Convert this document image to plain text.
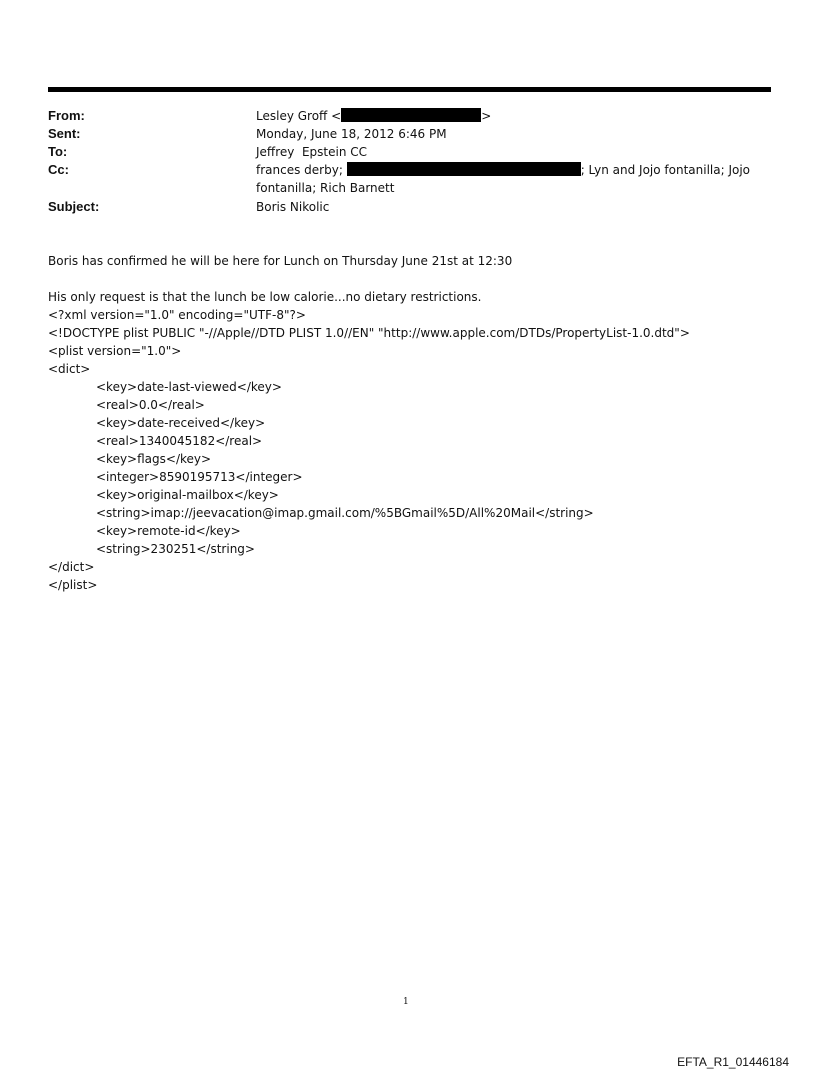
From:	Lesley Groff <	>
Sent:	Monday, June 18, 2012 6:46 PM
To:	Jeffrey  Epstein CC
Cc:	frances derby;	; Lyn and Jojo fontanilla; Jojo
fontanilla; Rich Barnett
Subject:	Boris Nikolic
Boris has confirmed he will be here for Lunch on Thursday June 21st at 12:30
His only request is that the lunch be low calorie...no dietary restrictions.
<?xml version="1.0" encoding="UTF-8"?>
<!DOCTYPE plist PUBLIC "-//Apple//DTD PLIST 1.0//EN" "http://www.apple.com/DTDs/PropertyList-1.0.dtd">
<plist version="1.0">
<dict>
<key>date-last-viewed</key>
<real>0.0</real>
<key>date-received</key>
<real>1340045182</real>
<key>flags</key>
<integer>8590195713</integer>
<key>original-mailbox</key>
<string>imap://jeevacation@imap.gmail.com/%5BGmail%5D/All%20Mail</string>
<key>remote-id</key>
<string>230251</string>
</dict>
</plist>
1
EFTA_R1_01446184
